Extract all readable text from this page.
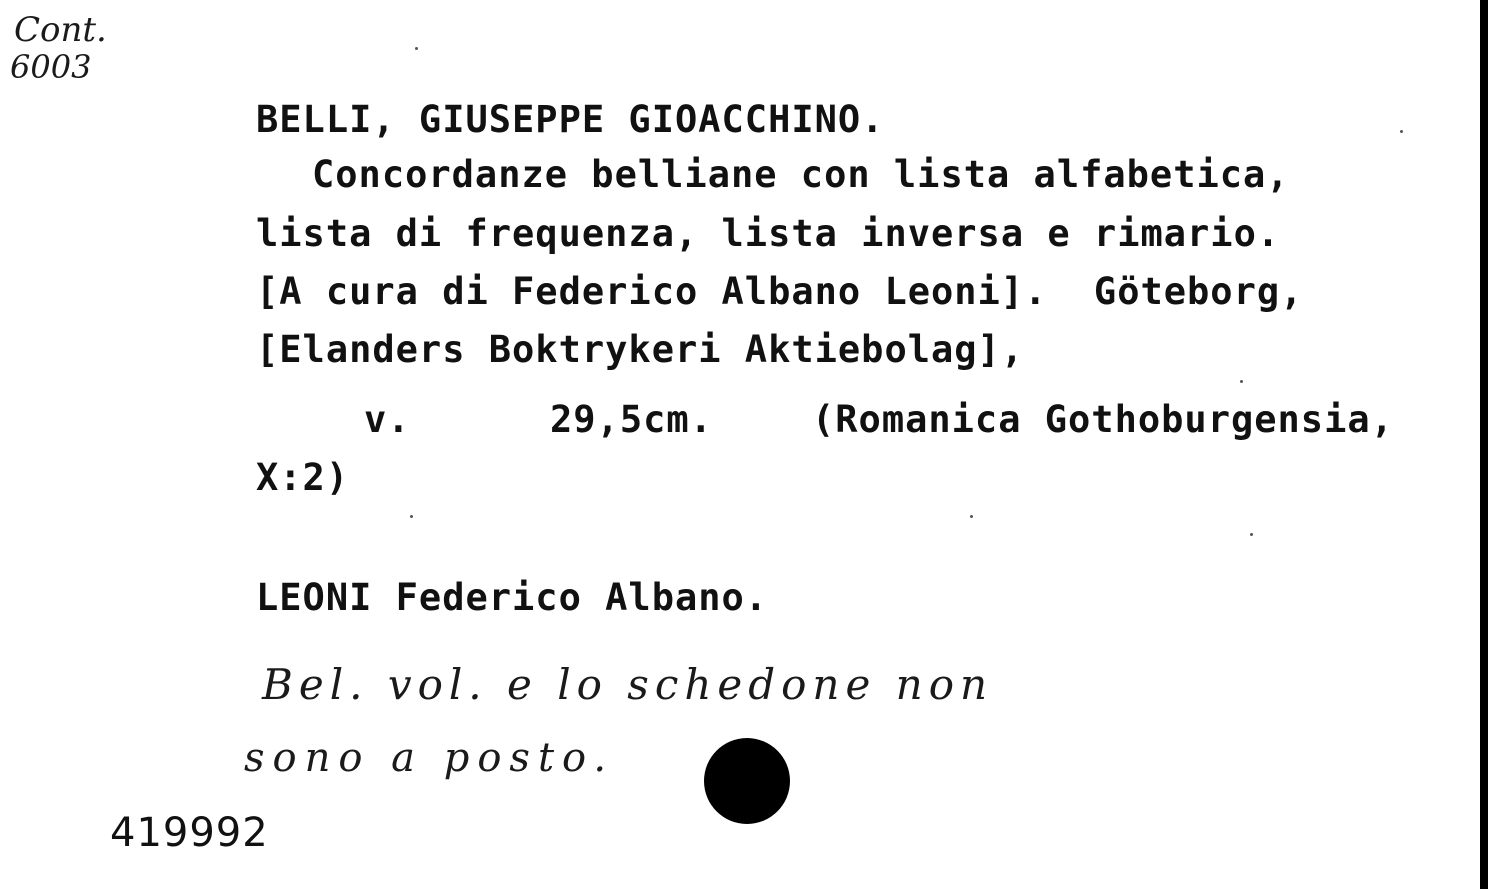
Cont.
6003
BELLI, GIUSEPPE GIOACCHINO.
Concordanze belliane con lista alfabetica,
lista di frequenza, lista inversa e rimario.
[A cura di Federico Albano Leoni].  Göteborg,
[Elanders Boktrykeri Aktiebolag],
v.	29,5cm.	(Romanica Gothoburgensia,
X:2)
LEONI Federico Albano.
Bel. vol. e lo schedone non
sono a posto.
419992
